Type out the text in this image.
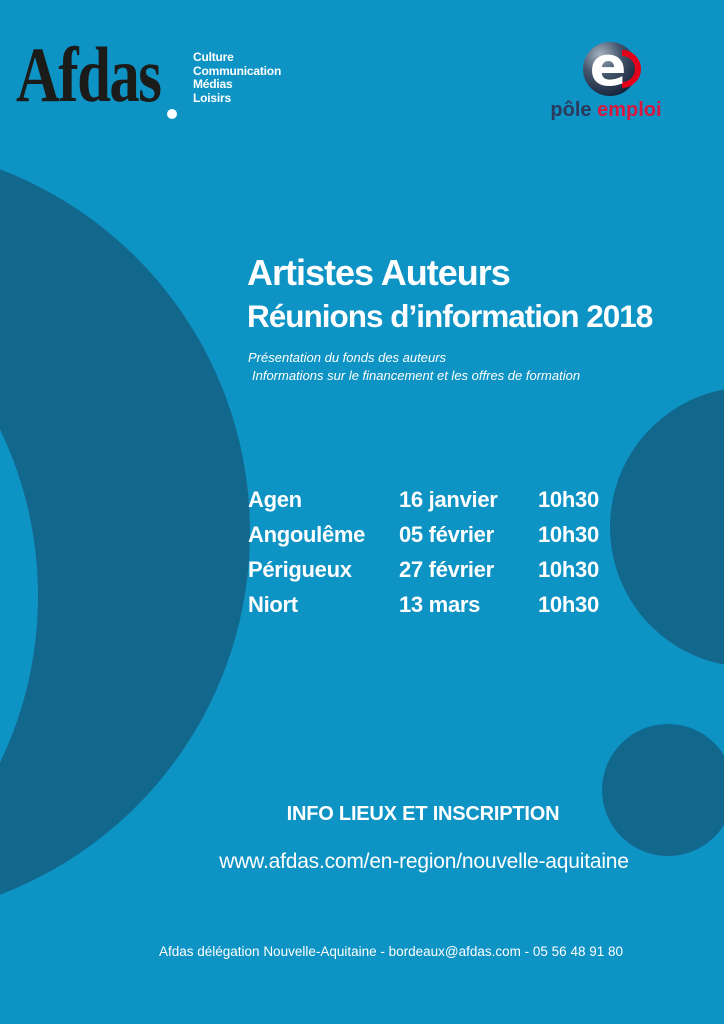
Afdas	Culture
Communication
Médias
Loisirs
e
pôle emploi
Artistes Auteurs
Réunions d’information 2018
Présentation du fonds des auteurs
Informations sur le financement et les offres de formation
Agen	16 janvier	10h30
Angoulême	05 février	10h30
Périgueux	27 février	10h30
Niort	13 mars	10h30
INFO LIEUX ET INSCRIPTION
www.afdas.com/en-region/nouvelle-aquitaine
Afdas délégation Nouvelle-Aquitaine - bordeaux@afdas.com - 05 56 48 91 80
